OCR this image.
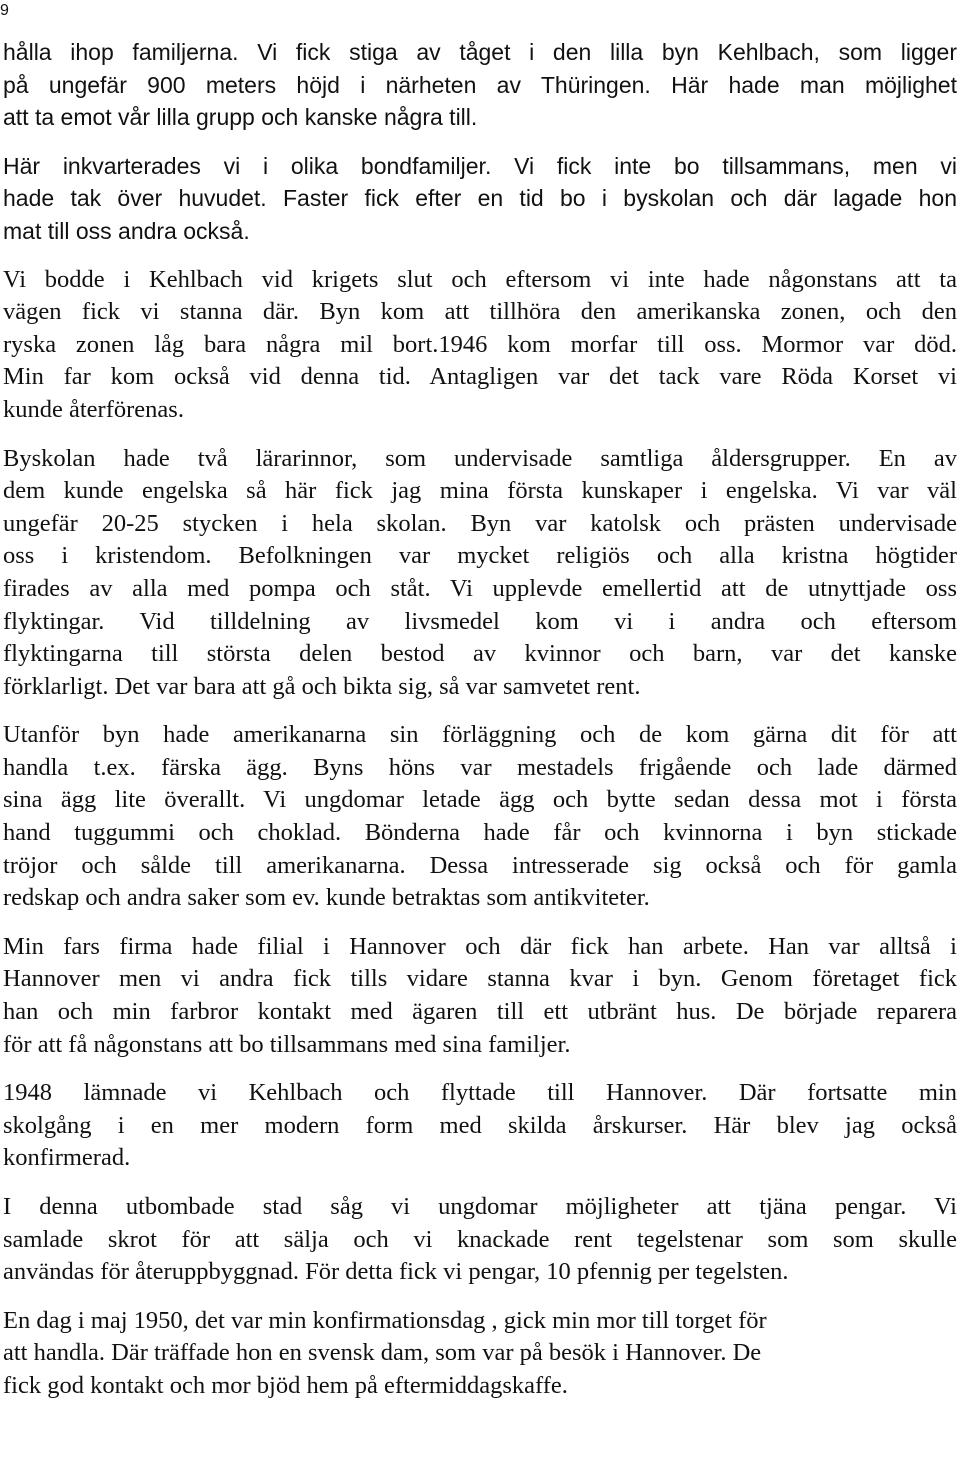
9
hålla ihop familjerna. Vi fick stiga av tåget i den lilla byn Kehlbach, som ligger
på ungefär 900 meters höjd i närheten av Thüringen. Här hade man möjlighet
att ta emot vår lilla grupp och kanske några till.
Här inkvarterades vi i olika bondfamiljer. Vi fick inte bo tillsammans, men vi
hade tak över huvudet. Faster fick efter en tid bo i byskolan och där lagade hon
mat till oss andra också.
Vi bodde i Kehlbach vid krigets slut och eftersom vi inte hade någonstans att ta
vägen fick vi stanna där. Byn kom att tillhöra den amerikanska zonen, och den
ryska zonen låg bara några mil bort.1946 kom morfar till oss. Mormor var död.
Min far kom också vid denna tid. Antagligen var det tack vare Röda Korset vi
kunde återförenas.
Byskolan hade två lärarinnor, som undervisade samtliga åldersgrupper. En av
dem kunde engelska så här fick jag mina första kunskaper i engelska. Vi var väl
ungefär 20-25 stycken i hela skolan. Byn var katolsk och prästen undervisade
oss i kristendom. Befolkningen var mycket religiös och alla kristna högtider
firades av alla med pompa och ståt. Vi upplevde emellertid att de utnyttjade oss
flyktingar. Vid tilldelning av livsmedel kom vi i andra och eftersom
flyktingarna till största delen bestod av kvinnor och barn, var det kanske
förklarligt. Det var bara att gå och bikta sig, så var samvetet rent.
Utanför byn hade amerikanarna sin förläggning och de kom gärna dit för att
handla t.ex. färska ägg. Byns höns var mestadels frigående och lade därmed
sina ägg lite överallt. Vi ungdomar letade ägg och bytte sedan dessa mot i första
hand tuggummi och choklad. Bönderna hade får och kvinnorna i byn stickade
tröjor och sålde till amerikanarna. Dessa intresserade sig också och för gamla
redskap och andra saker som ev. kunde betraktas som antikviteter.
Min fars firma hade filial i Hannover och där fick han arbete. Han var alltså i
Hannover men vi andra fick tills vidare stanna kvar i byn. Genom företaget fick
han och min farbror kontakt med ägaren till ett utbränt hus. De började reparera
för att få någonstans att bo tillsammans med sina familjer.
1948 lämnade vi Kehlbach och flyttade till Hannover. Där fortsatte min
skolgång i en mer modern form med skilda årskurser. Här blev jag också
konfirmerad.
I denna utbombade stad såg vi ungdomar möjligheter att tjäna pengar. Vi
samlade skrot för att sälja och vi knackade rent tegelstenar som som skulle
användas för återuppbyggnad. För detta fick vi pengar, 10 pfennig per tegelsten.
En dag i maj 1950, det var min konfirmationsdag , gick min mor till torget för
att handla. Där träffade hon en svensk dam, som var på besök i Hannover. De
fick god kontakt och mor bjöd hem på eftermiddagskaffe.
